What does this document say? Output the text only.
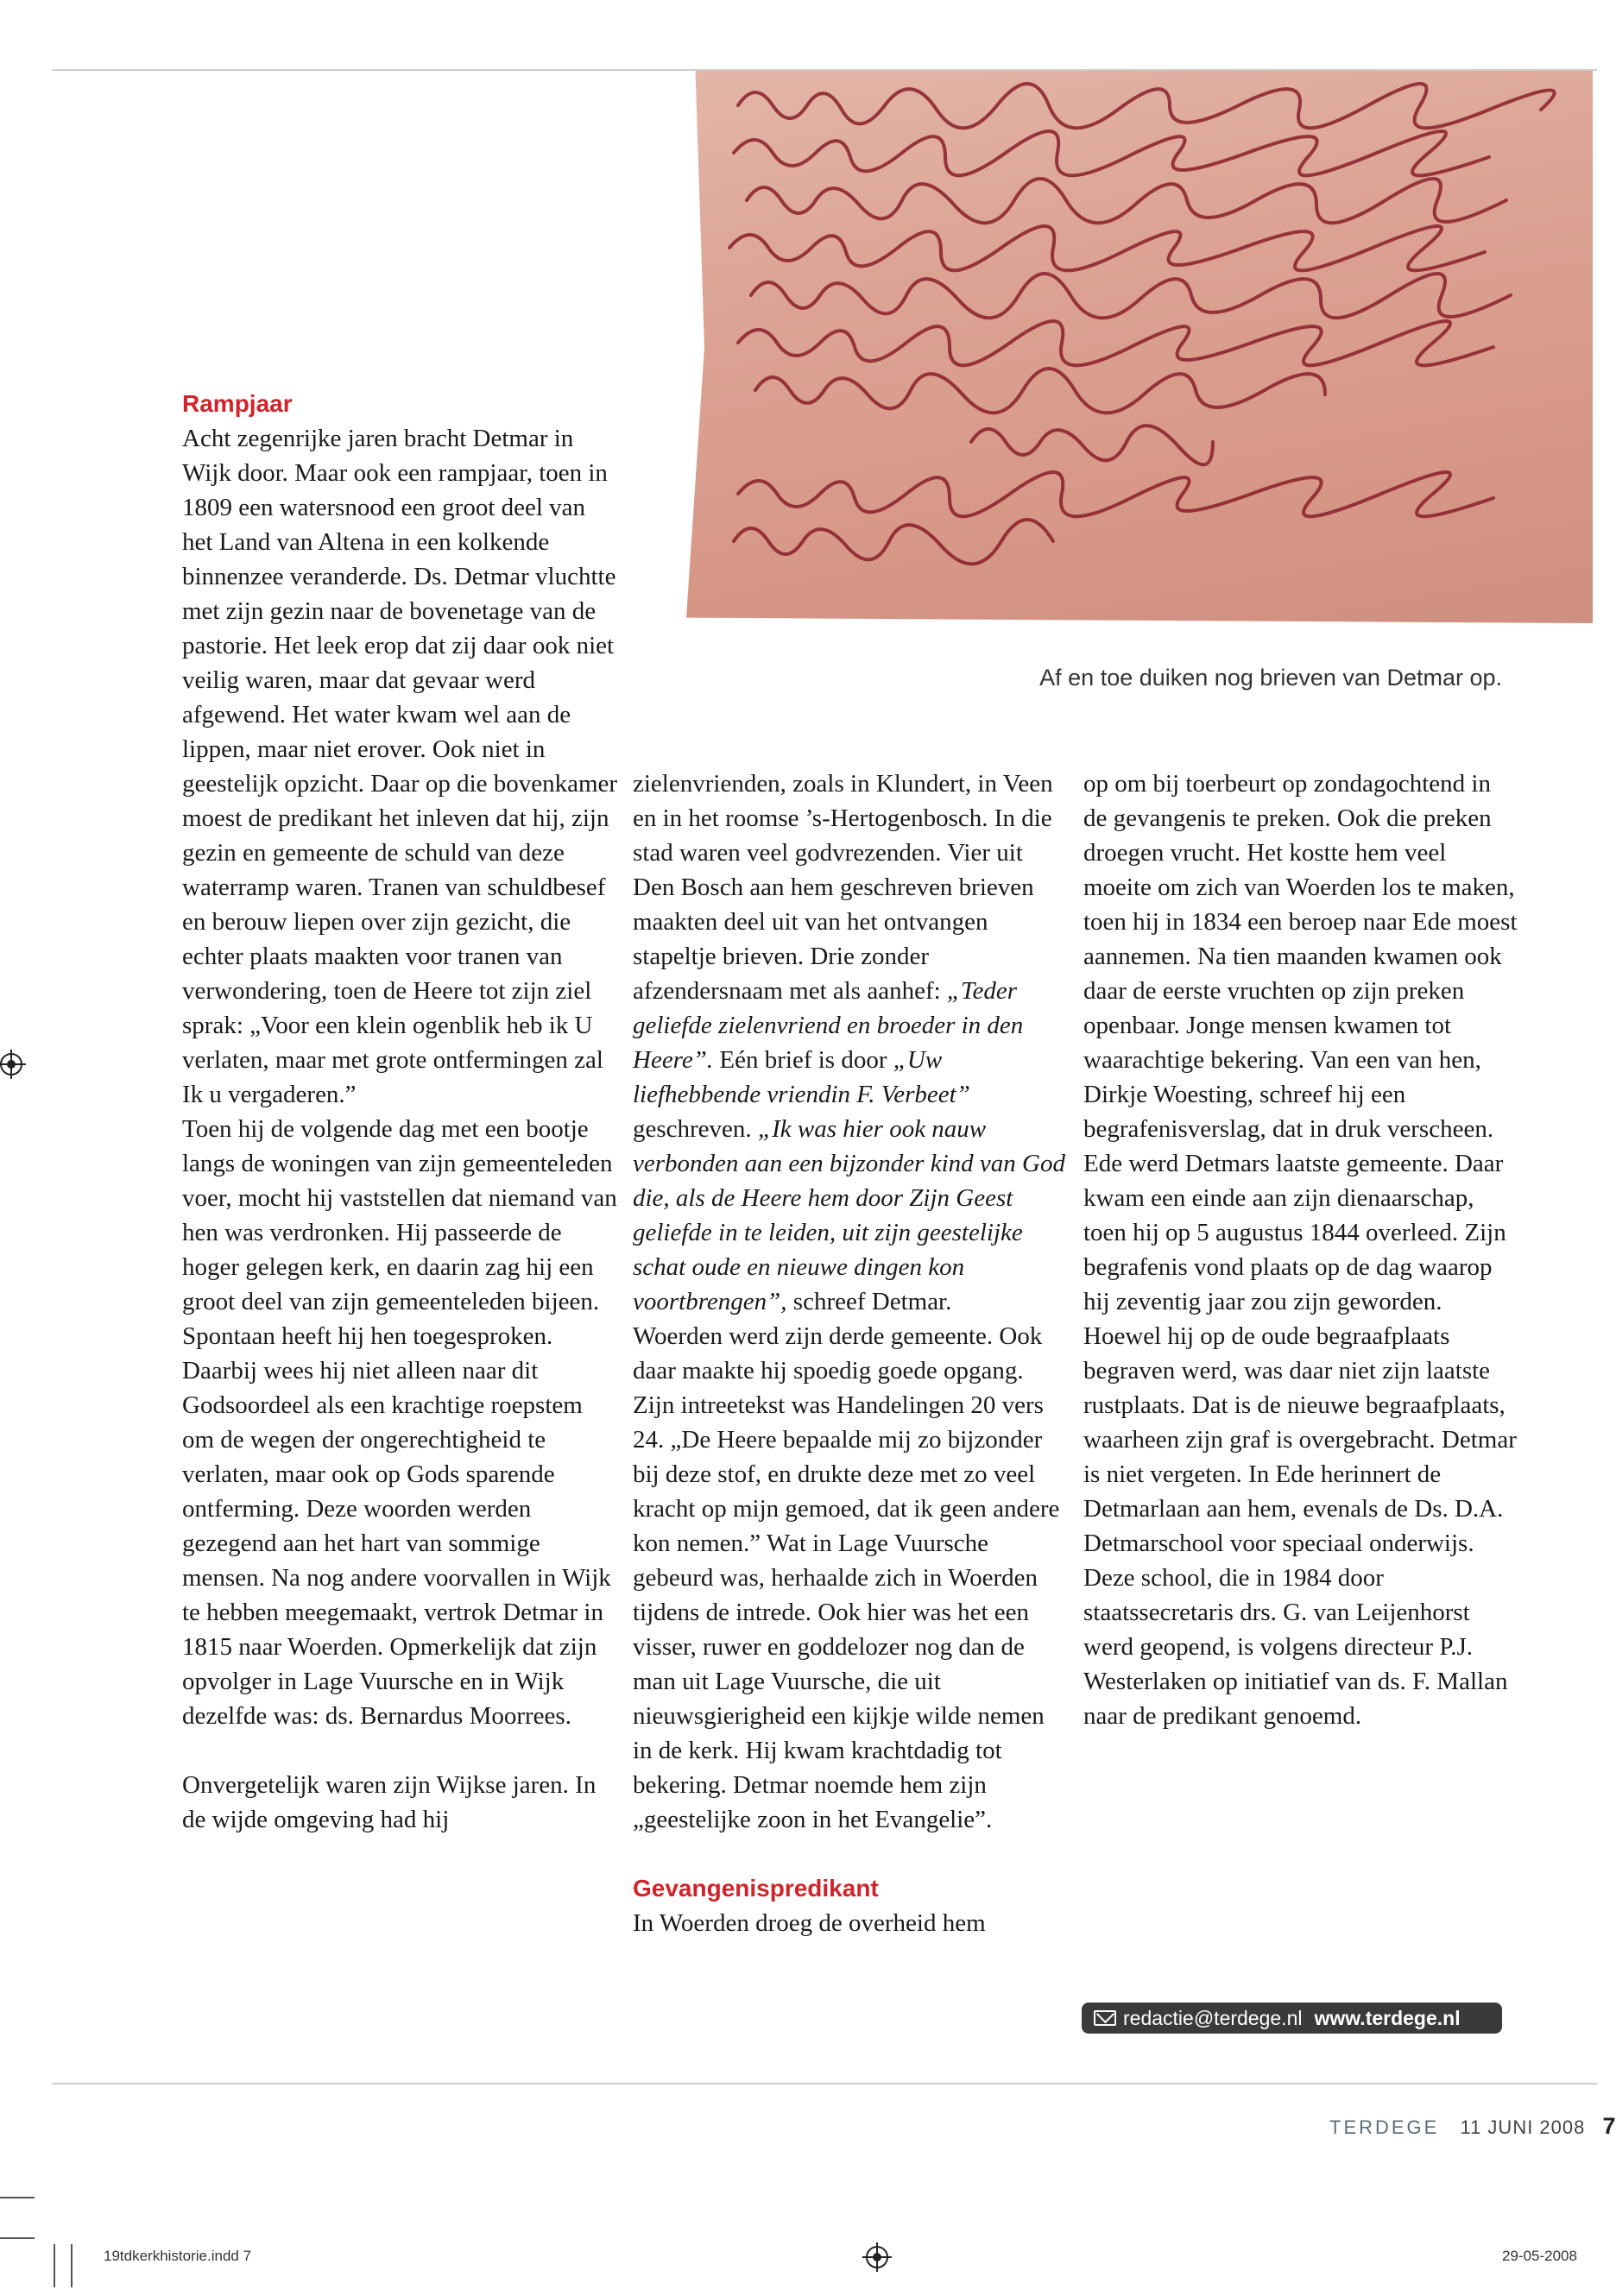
Af en toe duiken nog brieven van Detmar op.
Rampjaar

Acht zegenrijke jaren bracht Detmar in Wijk door. Maar ook een rampjaar, toen in 1809 een watersnood een groot deel van het Land van Altena in een kolkende binnenzee veranderde. Ds. Detmar vluchtte met zijn gezin naar de bovenetage van de pastorie. Het leek erop dat zij daar ook niet veilig waren, maar dat gevaar werd afgewend. Het water kwam wel aan de lippen, maar niet erover. Ook niet in geestelijk opzicht. Daar op die bovenkamer moest de predikant het inleven dat hij, zijn gezin en gemeente de schuld van deze waterramp waren. Tranen van schuldbesef en berouw liepen over zijn gezicht, die echter plaats maakten voor tranen van verwondering, toen de Heere tot zijn ziel sprak: „Voor een klein ogenblik heb ik U verlaten, maar met grote ontfermingen zal Ik u vergaderen.”

Toen hij de volgende dag met een bootje langs de woningen van zijn gemeenteleden voer, mocht hij vaststellen dat niemand van hen was verdronken. Hij passeerde de hoger gelegen kerk, en daarin zag hij een groot deel van zijn gemeenteleden bijeen. Spontaan heeft hij hen toegesproken. Daarbij wees hij niet alleen naar dit Godsoordeel als een krachtige roepstem om de wegen der ongerechtigheid te verlaten, maar ook op Gods sparende ontferming. Deze woorden werden gezegend aan het hart van sommige mensen. Na nog andere voorvallen in Wijk te hebben meegemaakt, vertrok Detmar in 1815 naar Woerden. Opmerkelijk dat zijn opvolger in Lage Vuursche en in Wijk dezelfde was: ds. Bernardus Moorrees.

Onvergetelijk waren zijn Wijkse jaren. In de wijde omgeving had hij

zielenvrienden, zoals in Klundert, in Veen en in het roomse ’s-Hertogenbosch. In die stad waren veel godvrezenden. Vier uit Den Bosch aan hem geschreven brieven maakten deel uit van het ontvangen stapeltje brieven. Drie zonder afzendersnaam met als aanhef: „Teder geliefde zielenvriend en broeder in den Heere”. Eén brief is door „Uw liefhebbende vriendin F. Verbeet” geschreven. „Ik was hier ook nauw verbonden aan een bijzonder kind van God die, als de Heere hem door Zijn Geest geliefde in te leiden, uit zijn geestelijke schat oude en nieuwe dingen kon voortbrengen”, schreef Detmar.

Woerden werd zijn derde gemeente. Ook daar maakte hij spoedig goede opgang. Zijn intreetekst was Handelingen 20 vers 24. „De Heere bepaalde mij zo bijzonder bij deze stof, en drukte deze met zo veel kracht op mijn gemoed, dat ik geen andere kon nemen.” Wat in Lage Vuursche gebeurd was, herhaalde zich in Woerden tijdens de intrede. Ook hier was het een visser, ruwer en goddelozer nog dan de man uit Lage Vuursche, die uit nieuwsgierigheid een kijkje wilde nemen in de kerk. Hij kwam krachtdadig tot bekering. Detmar noemde hem zijn „geestelijke zoon in het Evangelie”.

Gevangenispredikant

In Woerden droeg de overheid hem

op om bij toerbeurt op zondagochtend in de gevangenis te preken. Ook die preken droegen vrucht. Het kostte hem veel moeite om zich van Woerden los te maken, toen hij in 1834 een beroep naar Ede moest aannemen. Na tien maanden kwamen ook daar de eerste vruchten op zijn preken openbaar. Jonge mensen kwamen tot waarachtige bekering. Van een van hen, Dirkje Woesting, schreef hij een begrafenisverslag, dat in druk verscheen.

Ede werd Detmars laatste gemeente. Daar kwam een einde aan zijn dienaarschap, toen hij op 5 augustus 1844 overleed. Zijn begrafenis vond plaats op de dag waarop hij zeventig jaar zou zijn geworden. Hoewel hij op de oude begraafplaats begraven werd, was daar niet zijn laatste rustplaats. Dat is de nieuwe begraafplaats, waarheen zijn graf is overgebracht. Detmar is niet vergeten. In Ede herinnert de Detmarlaan aan hem, evenals de Ds. D.A. Detmarschool voor speciaal onderwijs. Deze school, die in 1984 door staatssecretaris drs. G. van Leijenhorst werd geopend, is volgens directeur P.J. Westerlaken op initiatief van ds. F. Mallan naar de predikant genoemd.

redactie@terdege.nl www.terdege.nl
TERDEGE 11 JUNI 2008 7
19tdkerkhistorie.indd 7	29-05-2008
